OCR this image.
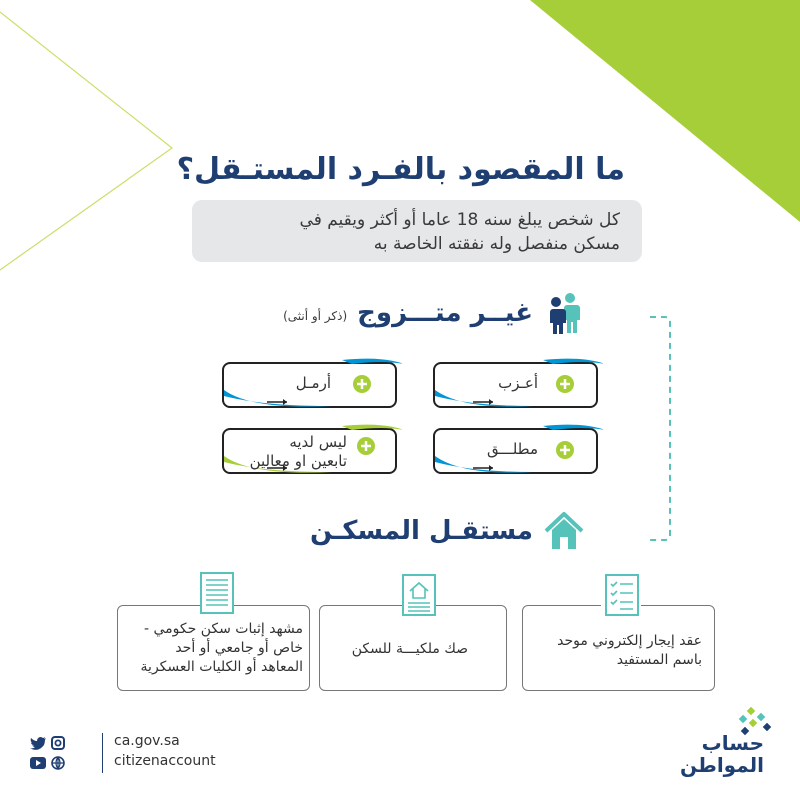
ما المقصود بالفـرد المستـقل؟
كل شخص يبلغ سنه 18 عاما أو أكثر ويقيم في
مسكن منفصل وله نفقته الخاصة به
غيــر متـــزوج
(ذكر أو أنثى)
أعـزب
أرمـل
مطلـــق
ليس لديه
تابعين او معالين
مستقـل المسكـن
عقد إيجار إلكتروني موحد
باسم المستفيد
صك ملكيـــة للسكن
مشهد إثبات سكن حكومي -
خاص أو جامعي أو أحد
المعاهد أو الكليات العسكرية
ca.gov.sa
citizenaccount
حساب
المواطن
